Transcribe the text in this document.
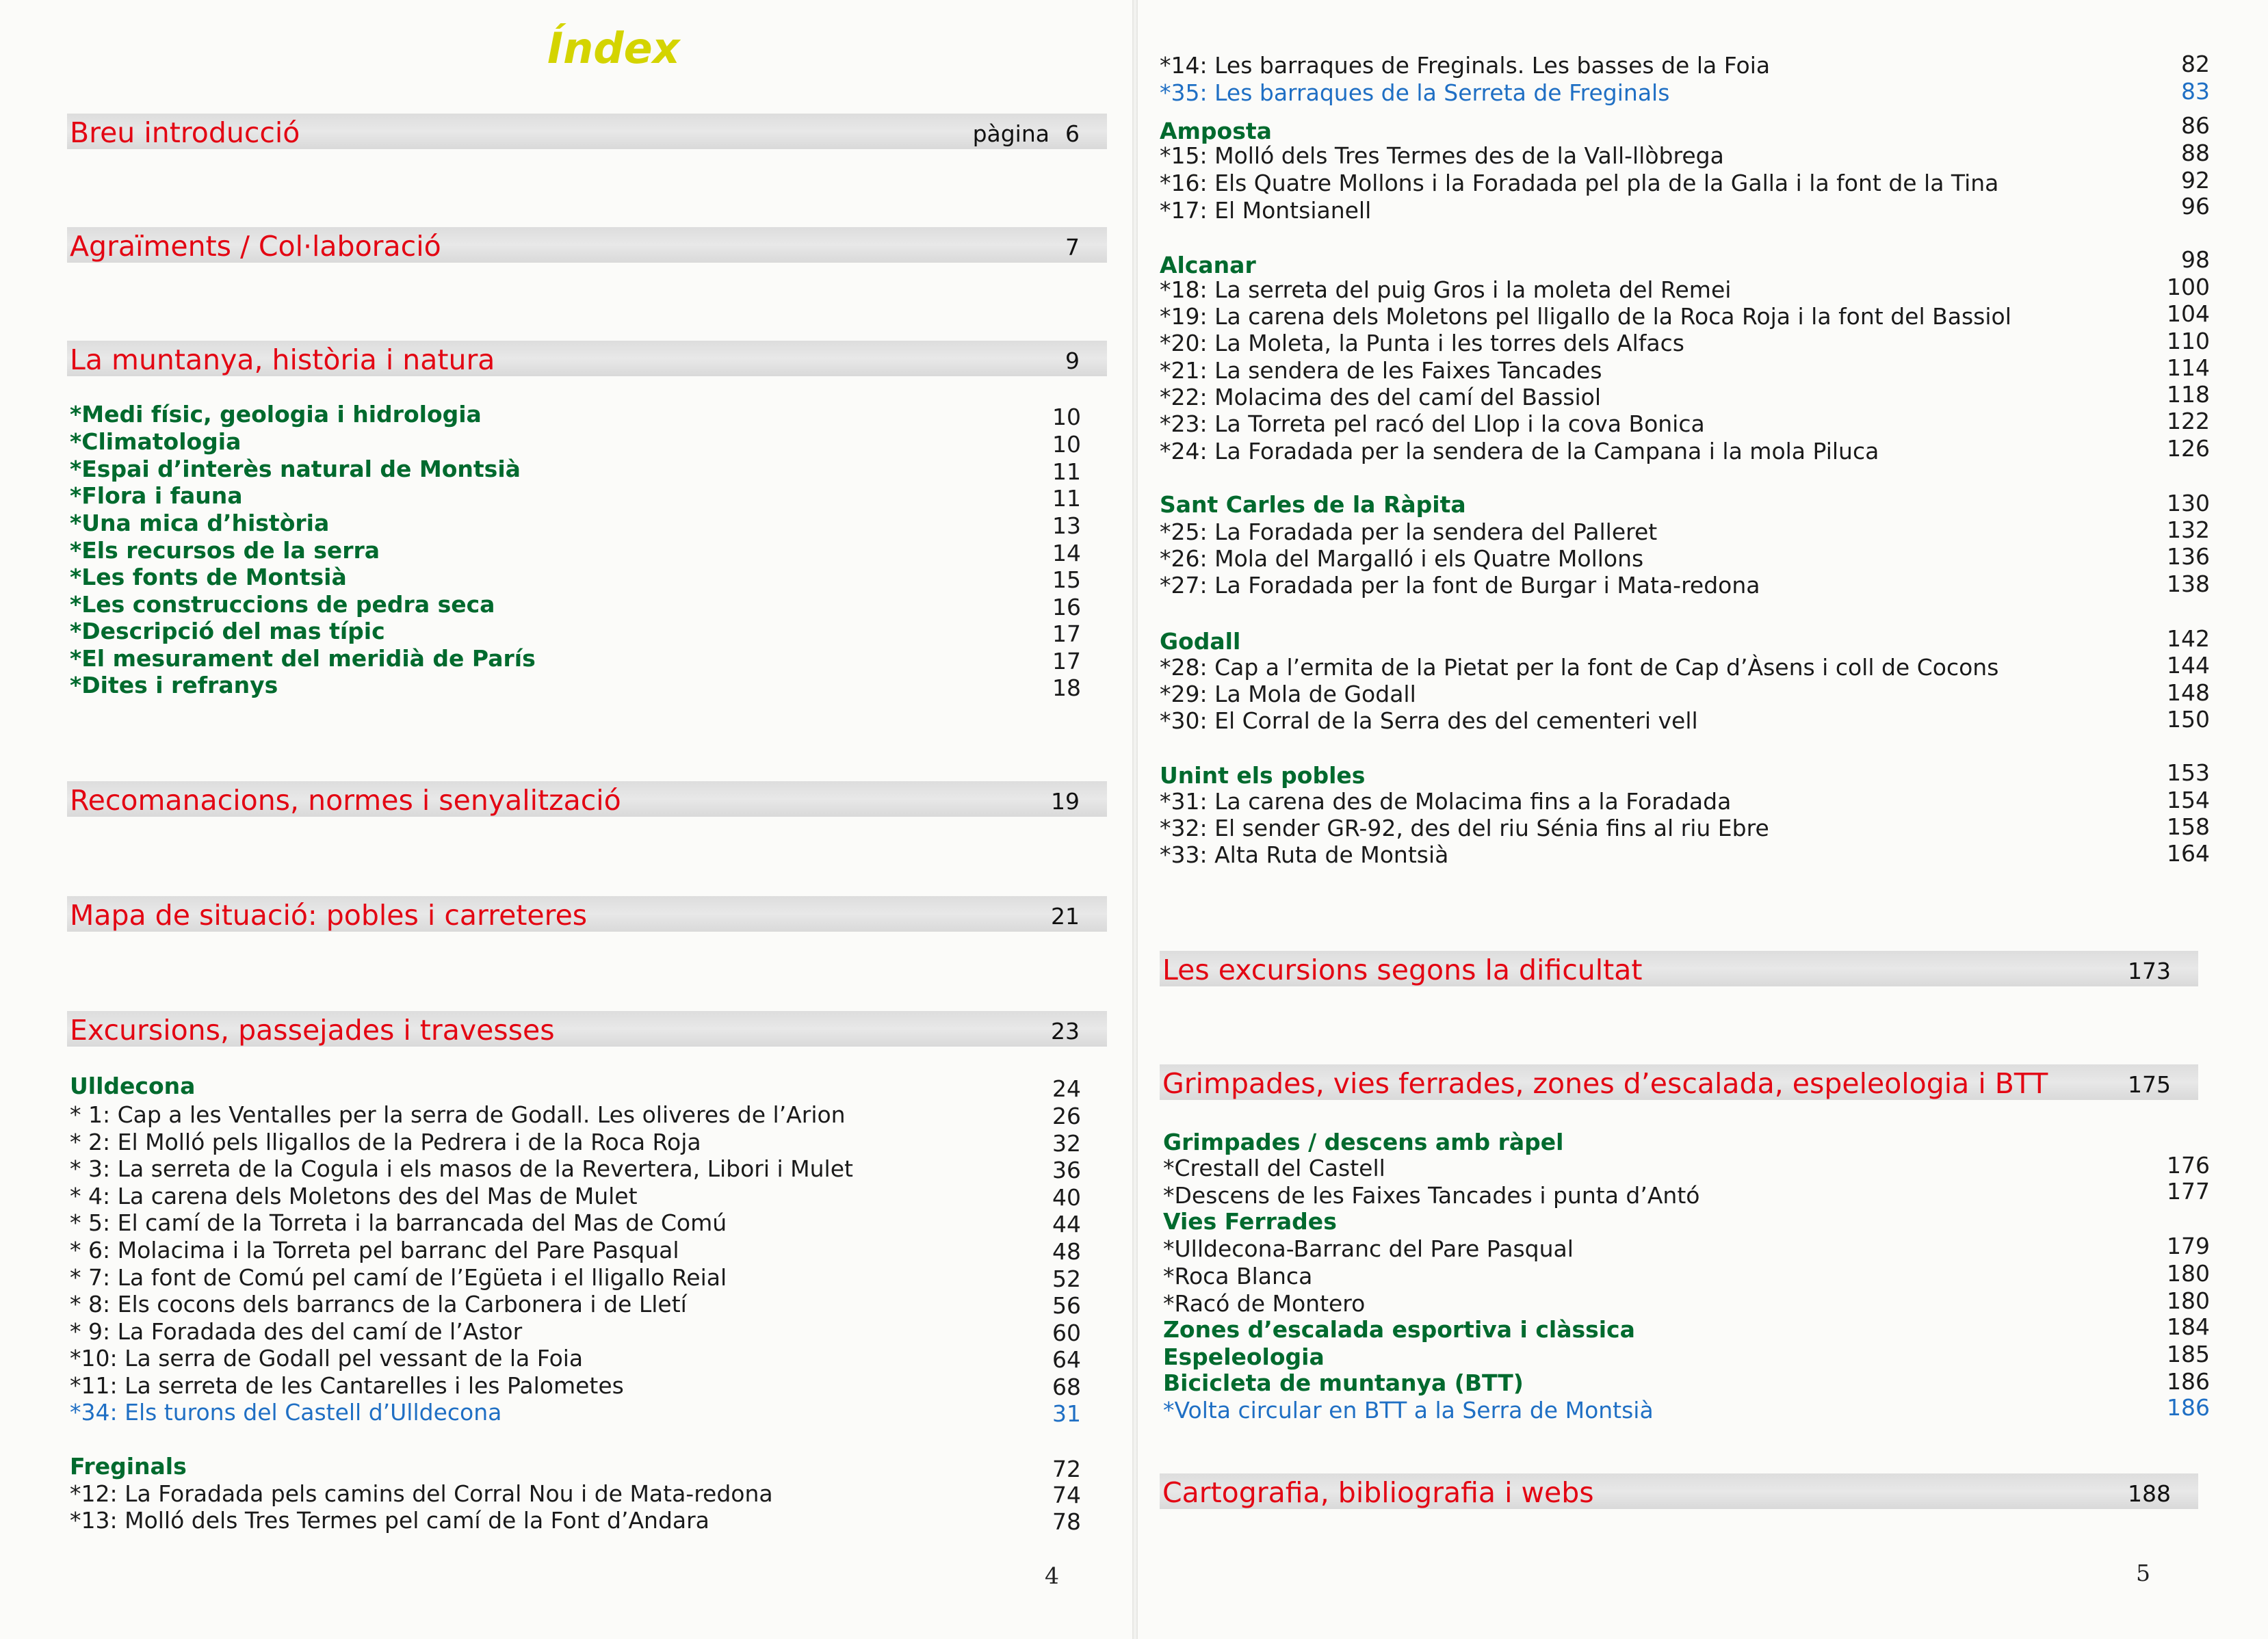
Índex
Breu introducció	pàgina 6
Agraïments / Col·laboració	7
La muntanya, història i natura	9
Recomanacions, normes i senyalització	19
Mapa de situació: pobles i carreteres	21
Excursions, passejades i travesses	23
*Medi físic, geologia i hidrologia	10
*Climatologia	10
*Espai d’interès natural de Montsià	11
*Flora i fauna	11
*Una mica d’història	13
*Els recursos de la serra	14
*Les fonts de Montsià	15
*Les construccions de pedra seca	16
*Descripció del mas típic	17
*El mesurament del meridià de París	17
*Dites i refranys	18
Ulldecona	24
* 1: Cap a les Ventalles per la serra de Godall. Les oliveres de l’Arion	26
* 2: El Molló pels lligallos de la Pedrera i de la Roca Roja	32
* 3: La serreta de la Cogula i els masos de la Revertera, Libori i Mulet	36
* 4: La carena dels Moletons des del Mas de Mulet	40
* 5: El camí de la Torreta i la barrancada del Mas de Comú	44
* 6: Molacima i la Torreta pel barranc del Pare Pasqual	48
* 7: La font de Comú pel camí de l’Egüeta i el lligallo Reial	52
* 8: Els cocons dels barrancs de la Carbonera i de Lletí	56
* 9: La Foradada des del camí de l’Astor	60
*10: La serra de Godall pel vessant de la Foia	64
*11: La serreta de les Cantarelles i les Palometes	68
*34: Els turons del Castell d’Ulldecona	31
Freginals	72
*12: La Foradada pels camins del Corral Nou i de Mata-redona	74
*13: Molló dels Tres Termes pel camí de la Font d’Andara	78
4
*14: Les barraques de Freginals. Les basses de la Foia	82
*35: Les barraques de la Serreta de Freginals	83
Amposta	86
*15: Molló dels Tres Termes des de la Vall-llòbrega	88
*16: Els Quatre Mollons i la Foradada pel pla de la Galla i la font de la Tina	92
*17: El Montsianell	96
Alcanar	98
*18: La serreta del puig Gros i la moleta del Remei	100
*19: La carena dels Moletons pel lligallo de la Roca Roja i la font del Bassiol	104
*20: La Moleta, la Punta i les torres dels Alfacs	110
*21: La sendera de les Faixes Tancades	114
*22: Molacima des del camí del Bassiol	118
*23: La Torreta pel racó del Llop i la cova Bonica	122
*24: La Foradada per la sendera de la Campana i la mola Piluca	126
Sant Carles de la Ràpita	130
*25: La Foradada per la sendera del Palleret	132
*26: Mola del Margalló i els Quatre Mollons	136
*27: La Foradada per la font de Burgar i Mata-redona	138
Godall	142
*28: Cap a l’ermita de la Pietat per la font de Cap d’Àsens i coll de Cocons	144
*29: La Mola de Godall	148
*30: El Corral de la Serra des del cementeri vell	150
Unint els pobles	153
*31: La carena des de Molacima fins a la Foradada	154
*32: El sender GR-92, des del riu Sénia fins al riu Ebre	158
*33: Alta Ruta de Montsià	164
Les excursions segons la dificultat	173
Grimpades, vies ferrades, zones d’escalada, espeleologia i BTT	175
Grimpades / descens amb ràpel
*Crestall del Castell	176
*Descens de les Faixes Tancades i punta d’Antó	177
Vies Ferrades
*Ulldecona-Barranc del Pare Pasqual	179
*Roca Blanca	180
*Racó de Montero	180
Zones d’escalada esportiva i clàssica	184
Espeleologia	185
Bicicleta de muntanya (BTT)	186
*Volta circular en BTT a la Serra de Montsià	186
Cartografia, bibliografia i webs	188
5
